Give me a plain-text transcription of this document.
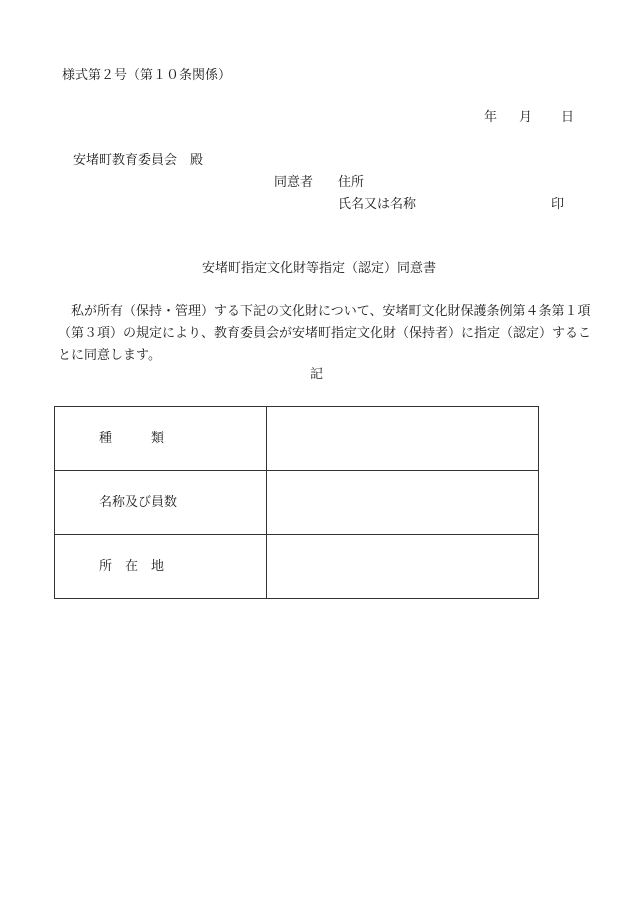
様式第２号（第１０条関係）
年 月 日
安堵町教育委員会　殿
同意者 住所
氏名又は名称	印
安堵町指定文化財等指定（認定）同意書
　私が所有（保持・管理）する下記の文化財について、安堵町文化財保護条例第４条第１項
（第３項）の規定により、教育委員会が安堵町指定文化財（保持者）に指定（認定）するこ
とに同意します。
記
種　　　類	
名称及び員数	
所　在　地	
